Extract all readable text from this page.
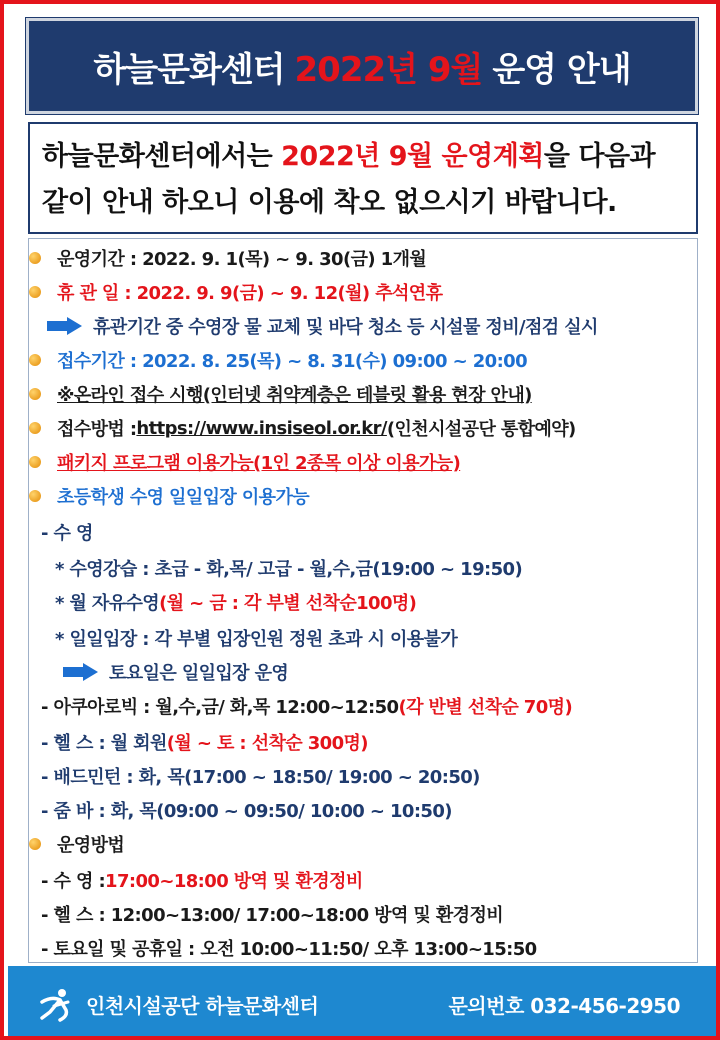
하늘문화센터 2022년 9월 운영 안내

하늘문화센터에서는 2022년 9월 운영계획을 다음과

같이 안내 하오니 이용에 착오 없으시기 바랍니다.

운영기간 : 2022. 9. 1(목) ~ 9. 30(금) 1개월
휴 관 일 : 2022. 9. 9(금) ~ 9. 12(월) 추석연휴
휴관기간 중 수영장 물 교체 및 바닥 청소 등 시설물 정비/점검 실시
접수기간 : 2022. 8. 25(목) ~ 8. 31(수) 09:00 ~ 20:00
※온라인 접수 시행(인터넷 취약계층은 테블릿 활용 현장 안내)
접수방법 : https://www.insiseol.or.kr/ (인천시설공단 통합예약)
패키지 프로그램 이용가능(1인 2종목 이상 이용가능)
초등학생 수영 일일입장 이용가능
- 수 영
* 수영강습 : 초급 - 화,목/ 고급 - 월,수,금(19:00 ~ 19:50)
* 월 자유수영 (월 ~ 금 : 각 부별 선착순100명)
* 일일입장 : 각 부별 입장인원 정원 초과 시 이용불가
토요일은 일일입장 운영
- 아쿠아로빅 : 월,수,금/ 화,목 12:00~12:50 (각 반별 선착순 70명)
- 헬 스 : 월 회원 (월 ~ 토 : 선착순 300명)
- 배드민턴 : 화, 목(17:00 ~ 18:50/ 19:00 ~ 20:50)
- 줌 바 : 화, 목(09:00 ~ 09:50/ 10:00 ~ 10:50)
운영방법
- 수 영 : 17:00~18:00 방역 및 환경정비
- 헬 스 : 12:00~13:00/ 17:00~18:00 방역 및 환경정비
- 토요일 및 공휴일 : 오전 10:00~11:50/ 오후 13:00~15:50
인천시설공단 하늘문화센터	문의번호 032-456-2950
